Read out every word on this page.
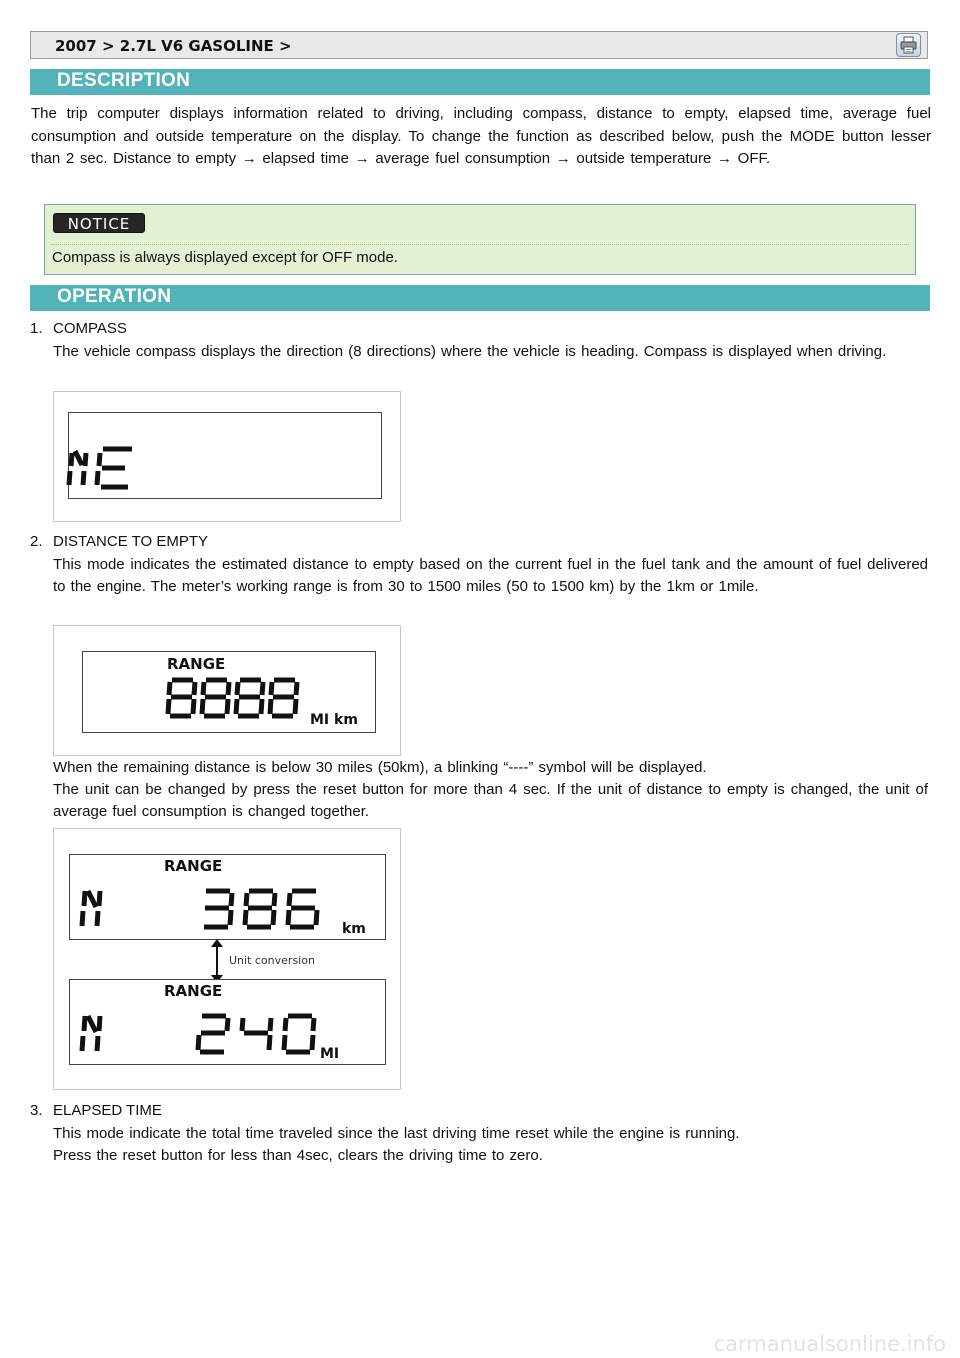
2007 > 2.7L V6 GASOLINE >
DESCRIPTION
The trip computer displays information related to driving, including compass, distance to empty, elapsed time, average fuel consumption and outside temperature on the display. To change the function as described below, push the MODE button lesser than 2 sec. Distance to empty → elapsed time → average fuel consumption → outside temperature → OFF.
NOTICE
Compass is always displayed except for OFF mode.
OPERATION
1. COMPASS
The vehicle compass displays the direction (8 directions) where the vehicle is heading. Compass is displayed when driving.
2. DISTANCE TO EMPTY
This mode indicates the estimated distance to empty based on the current fuel in the fuel tank and the amount of fuel delivered to the engine. The meter’s working range is from 30 to 1500 miles (50 to 1500 km) by the 1km or 1mile.
RANGE
MI km
When the remaining distance is below 30 miles (50km), a blinking “----” symbol will be displayed.
The unit can be changed by press the reset button for more than 4 sec. If the unit of distance to empty is changed, the unit of average fuel consumption is changed together.
RANGE
km
Unit conversion
RANGE
MI
3. ELAPSED TIME
This mode indicate the total time traveled since the last driving time reset while the engine is running.
Press the reset button for less than 4sec, clears the driving time to zero.
carmanualsonline.info
